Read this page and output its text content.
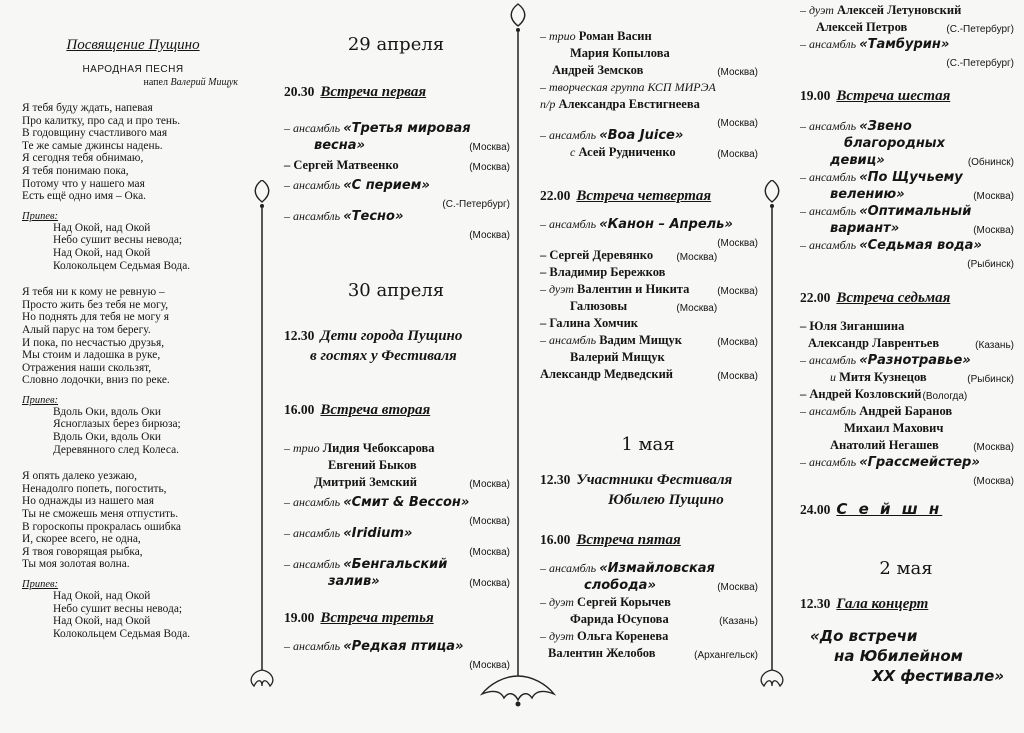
Посвящение Пущино
НАРОДНАЯ ПЕСНЯ
напел Валерий Мищук
Я тебя буду ждать, напевая
Про калитку, про сад и про тень.
В годовщину счастливого мая
Те же самые джинсы надень.
Я сегодня тебя обнимаю,
Я тебя понимаю пока,
Потому что у нашего мая
Есть ещё одно имя – Ока.
Припев:
Над Окой, над Окой
Небо сушит весны невода;
Над Окой, над Окой
Колокольцем Седьмая Вода.
Я тебя ни к кому не ревную –
Просто жить без тебя не могу,
Но поднять для тебя не могу я
Алый парус на том берегу.
И пока, по несчастью друзья,
Мы стоим и ладошка в руке,
Отражения наши скользят,
Словно лодочки, вниз по реке.
Припев:
Вдоль Оки, вдоль Оки
Ясноглазых берез бирюза;
Вдоль Оки, вдоль Оки
Деревянного след Колеса.
Я опять далеко уезжаю,
Ненадолго попеть, погостить,
Но однажды из нашего мая
Ты не сможешь меня отпустить.
В гороскопы прокралась ошибка
И, скорее всего, не одна,
Я твоя говорящая рыбка,
Ты моя золотая волна.
Припев:
Над Окой, над Окой
Небо сушит весны невода;
Над Окой, над Окой
Колокольцем Седьмая Вода.
29 апреля
20.30 Встреча первая
– ансамбль «Третья мировая
весна»	(Москва)
– Сергей Матвеенко	(Москва)
– ансамбль «С перием»
(С.-Петербург)
– ансамбль «Тесно»
(Москва)
30 апреля
12.30 Дети города Пущино
в гостях у Фестиваля
16.00 Встреча вторая
– трио Лидия Чебоксарова
Евгений Быков
Дмитрий Земский	(Москва)
– ансамбль «Смит & Вессон»
(Москва)
– ансамбль «Iridium»
(Москва)
– ансамбль «Бенгальский
залив»	(Москва)
19.00 Встреча третья
– ансамбль «Редкая птица»
(Москва)
– трио Роман Васин
Мария Копылова
Андрей Земсков	(Москва)
– творческая группа КСП МИРЭА
п/р Александра Евстигнеева
(Москва)
– ансамбль «Boa Juice»
с Асей Рудниченко	(Москва)
22.00 Встреча четвертая
– ансамбль «Канон – Апрель»
(Москва)
– Сергей Деревянко (Москва)
– Владимир Бережков
(Москва)
– дуэт Валентин и Никита
Галюзовы	(Москва)
– Галина Хомчик
(Москва)
– ансамбль Вадим Мищук
Валерий Мищук
Александр Медведский	(Москва)
1 мая
12.30 Участники Фестиваля
Юбилею Пущино
16.00 Встреча пятая
– ансамбль «Измайловская
слобода»	(Москва)
– дуэт Сергей Корычев
Фарида Юсупова	(Казань)
– дуэт Ольга Коренева
Валентин Желобов	(Архангельск)
– дуэт Алексей Летуновский
Алексей Петров	(С.-Петербург)
– ансамбль «Тамбурин»
(С.-Петербург)
19.00 Встреча шестая
– ансамбль «Звено
благородных
девиц»	(Обнинск)
– ансамбль «По Щучьему
велению»	(Москва)
– ансамбль «Оптимальный
вариант»	(Москва)
– ансамбль «Седьмая вода»
(Рыбинск)
22.00 Встреча седьмая
– Юля Зиганшина
Александр Лаврентьев	(Казань)
– ансамбль «Разнотравье»
и Митя Кузнецов	(Рыбинск)
– Андрей Козловский (Вологда)
– ансамбль Андрей Баранов
Михаил Махович
Анатолий Негашев	(Москва)
– ансамбль «Грассмейстер»
(Москва)
24.00 С е й ш н
2 мая
12.30 Гала концерт
«До встречи
на Юбилейном
XX фестивале»
